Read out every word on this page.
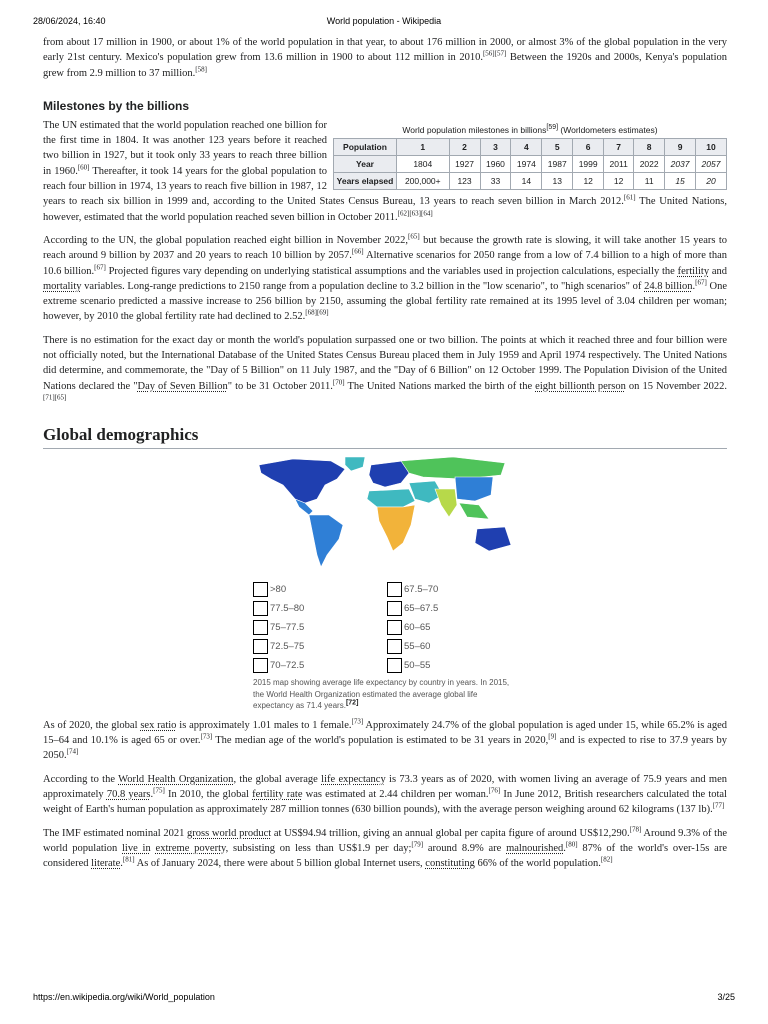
28/06/2024, 16:40	World population - Wikipedia

from about 17 million in 1900, or about 1% of the world population in that year, to about 176 million in 2000, or almost 3% of the global population in the very early 21st century. Mexico's population grew from 13.6 million in 1900 to about 112 million in 2010.[56][57] Between the 1920s and 2000s, Kenya's population grew from 2.9 million to 37 million.[58]

Milestones by the billions
World population milestones in billions[59] (Worldometers estimates)
Population	1	2	3	4	5	6	7	8	9	10
Year	1804	1927	1960	1974	1987	1999	2011	2022	2037	2057
Years elapsed	200,000+	123	33	14	13	12	12	11	15	20

The UN estimated that the world population reached one billion for the first time in 1804. It was another 123 years before it reached two billion in 1927, but it took only 33 years to reach three billion in 1960.[60] Thereafter, it took 14 years for the global population to reach four billion in 1974, 13 years to reach five billion in 1987, 12 years to reach six billion in 1999 and, according to the United States Census Bureau, 13 years to reach seven billion in March 2012.[61] The United Nations, however, estimated that the world population reached seven billion in October 2011.[62][63][64]

According to the UN, the global population reached eight billion in November 2022,[65] but because the growth rate is slowing, it will take another 15 years to reach around 9 billion by 2037 and 20 years to reach 10 billion by 2057.[66] Alternative scenarios for 2050 range from a low of 7.4 billion to a high of more than 10.6 billion.[67] Projected figures vary depending on underlying statistical assumptions and the variables used in projection calculations, especially the fertility and mortality variables. Long-range predictions to 2150 range from a population decline to 3.2 billion in the "low scenario", to "high scenarios" of 24.8 billion.[67] One extreme scenario predicted a massive increase to 256 billion by 2150, assuming the global fertility rate remained at its 1995 level of 3.04 children per woman; however, by 2010 the global fertility rate had declined to 2.52.[68][69]

There is no estimation for the exact day or month the world's population surpassed one or two billion. The points at which it reached three and four billion were not officially noted, but the International Database of the United States Census Bureau placed them in July 1959 and April 1974 respectively. The United Nations did determine, and commemorate, the "Day of 5 Billion" on 11 July 1987, and the "Day of 6 Billion" on 12 October 1999. The Population Division of the United Nations declared the "Day of Seven Billion" to be 31 October 2011.[70] The United Nations marked the birth of the eight billionth person on 15 November 2022.[71][65]

Global demographics
>80	67.5–70
77.5–80	65–67.5
75–77.5	60–65
72.5–75	55–60
70–72.5	50–55
2015 map showing average life expectancy by country in years. In 2015, the World Health Organization estimated the average global life expectancy as 71.4 years.[72]

As of 2020, the global sex ratio is approximately 1.01 males to 1 female.[73] Approximately 24.7% of the global population is aged under 15, while 65.2% is aged 15–64 and 10.1% is aged 65 or over.[73] The median age of the world's population is estimated to be 31 years in 2020,[9] and is expected to rise to 37.9 years by 2050.[74]

According to the World Health Organization, the global average life expectancy is 73.3 years as of 2020, with women living an average of 75.9 years and men approximately 70.8 years.[75] In 2010, the global fertility rate was estimated at 2.44 children per woman.[76] In June 2012, British researchers calculated the total weight of Earth's human population as approximately 287 million tonnes (630 billion pounds), with the average person weighing around 62 kilograms (137 lb).[77]

The IMF estimated nominal 2021 gross world product at US$94.94 trillion, giving an annual global per capita figure of around US$12,290.[78] Around 9.3% of the world population live in extreme poverty, subsisting on less than US$1.9 per day;[79] around 8.9% are malnourished.[80] 87% of the world's over-15s are considered literate.[81] As of January 2024, there were about 5 billion global Internet users, constituting 66% of the world population.[82]

https://en.wikipedia.org/wiki/World_population	3/25
